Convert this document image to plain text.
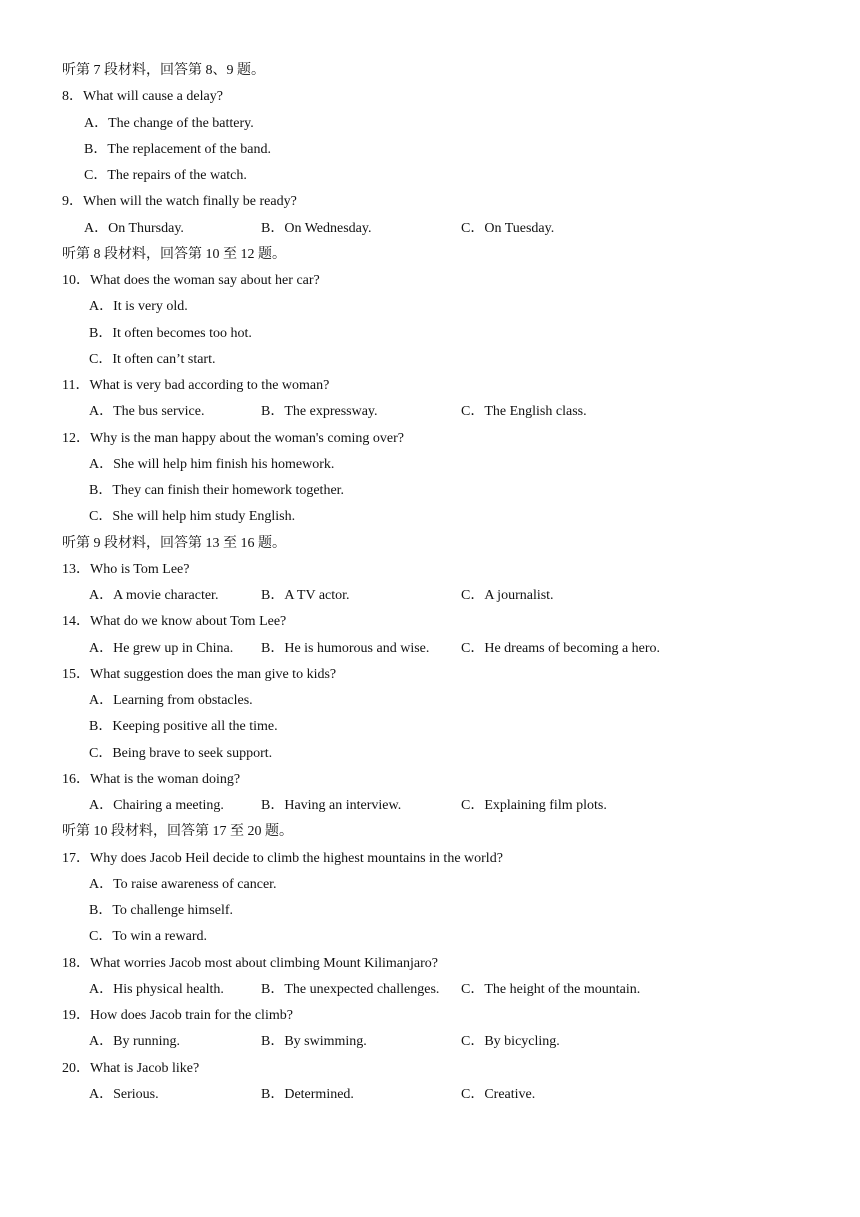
听第 7 段材料，回答第 8、9 题。
8．What will cause a delay?
A．The change of the battery.
B．The replacement of the band.
C．The repairs of the watch.
9．When will the watch finally be ready?
A．On Thursday.	B．On Wednesday.	C．On Tuesday.
听第 8 段材料，回答第 10 至 12 题。
10．What does the woman say about her car?
A．It is very old.
B．It often becomes too hot.
C．It often can’t start.
11．What is very bad according to the woman?
A．The bus service.	B．The expressway.	C．The English class.
12．Why is the man happy about the woman's coming over?
A．She will help him finish his homework.
B．They can finish their homework together.
C．She will help him study English.
听第 9 段材料，回答第 13 至 16 题。
13．Who is Tom Lee?
A．A movie character.	B．A TV actor.	C．A journalist.
14．What do we know about Tom Lee?
A．He grew up in China. B．He is humorous and wise. C．He dreams of becoming a hero.
15．What suggestion does the man give to kids?
A．Learning from obstacles.
B．Keeping positive all the time.
C．Being brave to seek support.
16．What is the woman doing?
A．Chairing a meeting.	B．Having an interview.	C．Explaining film plots.
听第 10 段材料，回答第 17 至 20 题。
17．Why does Jacob Heil decide to climb the highest mountains in the world?
A．To raise awareness of cancer.
B．To challenge himself.
C．To win a reward.
18．What worries Jacob most about climbing Mount Kilimanjaro?
A．His physical health.	B．The unexpected challenges. C．The height of the mountain.
19．How does Jacob train for the climb?
A．By running.	B．By swimming.	C．By bicycling.
20．What is Jacob like?
A．Serious.	B．Determined.	C．Creative.
